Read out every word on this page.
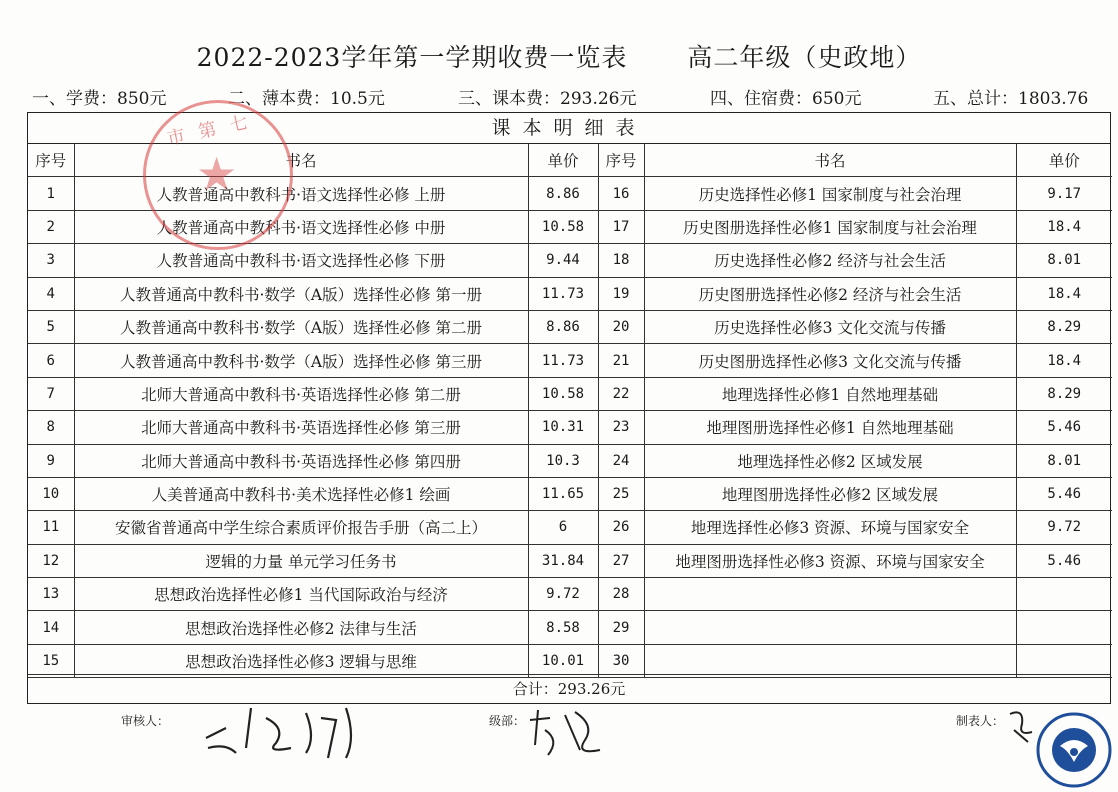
2022-2023学年第一学期收费一览表 高二年级（史政地）
一、学费：850元	二、薄本费：10.5元	三、课本费：293.26元	四、住宿费：650元	五、总计：1803.76
课本明细表
序号	书名	单价	序号	书名	单价
1	人教普通高中教科书·语文选择性必修 上册	8.86	16	历史选择性必修1 国家制度与社会治理	9.17
2	人教普通高中教科书·语文选择性必修 中册	10.58	17	历史图册选择性必修1 国家制度与社会治理	18.4
3	人教普通高中教科书·语文选择性必修 下册	9.44	18	历史选择性必修2 经济与社会生活	8.01
4	人教普通高中教科书·数学（A版）选择性必修 第一册	11.73	19	历史图册选择性必修2 经济与社会生活	18.4
5	人教普通高中教科书·数学（A版）选择性必修 第二册	8.86	20	历史选择性必修3 文化交流与传播	8.29
6	人教普通高中教科书·数学（A版）选择性必修 第三册	11.73	21	历史图册选择性必修3 文化交流与传播	18.4
7	北师大普通高中教科书·英语选择性必修 第二册	10.58	22	地理选择性必修1 自然地理基础	8.29
8	北师大普通高中教科书·英语选择性必修 第三册	10.31	23	地理图册选择性必修1 自然地理基础	5.46
9	北师大普通高中教科书·英语选择性必修 第四册	10.3	24	地理选择性必修2 区域发展	8.01
10	人美普通高中教科书·美术选择性必修1 绘画	11.65	25	地理图册选择性必修2 区域发展	5.46
11	安徽省普通高中学生综合素质评价报告手册（高二上）	6	26	地理选择性必修3 资源、环境与国家安全	9.72
12	逻辑的力量 单元学习任务书	31.84	27	地理图册选择性必修3 资源、环境与国家安全	5.46
13	思想政治选择性必修1 当代国际政治与经济	9.72	28		
14	思想政治选择性必修2 法律与生活	8.58	29		
15	思想政治选择性必修3 逻辑与思维	10.01	30		
合计：293.26元
市第七
★
审核人：	级部：	制表人：
